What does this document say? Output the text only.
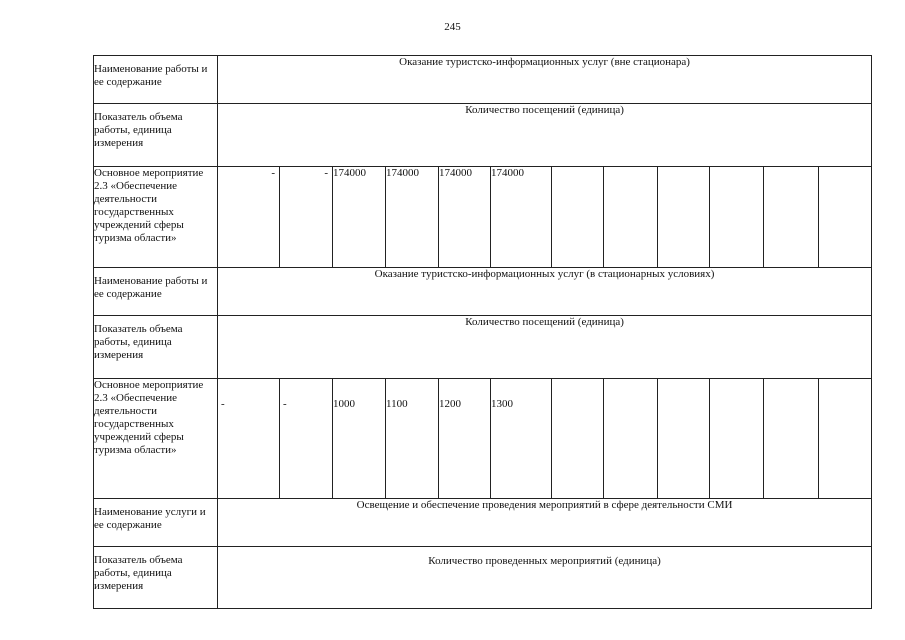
245
Наименование работы и ее содержание	Оказание туристско-информационных услуг (вне стационара)											
Показатель объема работы, единица измерения	Количество посещений (единица)											
Основное мероприятие 2.3 «Обеспечение деятельности государственных учреждений сферы туризма области»	-	-	174000	174000	174000	174000						
Наименование работы и ее содержание	Оказание туристско-информационных услуг (в стационарных условиях)											
Показатель объема работы, единица измерения	Количество посещений (единица)											
Основное мероприятие 2.3 «Обеспечение деятельности государственных учреждений сферы туризма области»	-	-	1000	1100	1200	1300						
Наименование услуги и ее содержание	Освещение и обеспечение проведения мероприятий в сфере деятельности СМИ											
Показатель объема работы, единица измерения	Количество проведенных мероприятий (единица)											
